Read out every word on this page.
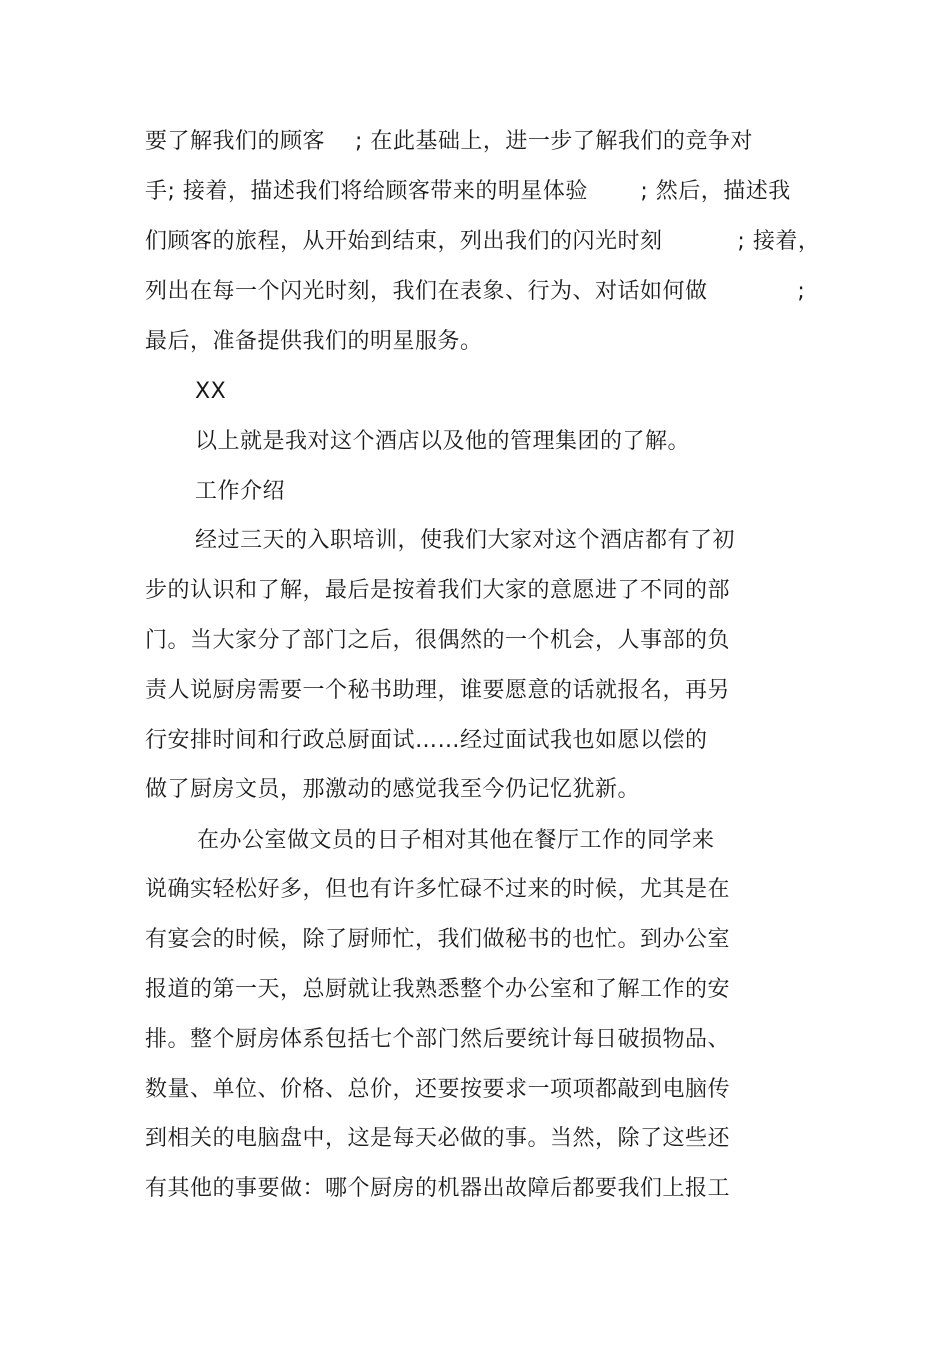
要了解我们的顾客    ; 在此基础上，进一步了解我们的竞争对

手; 接着，描述我们将给顾客带来的明星体验       ; 然后，描述我

们顾客的旅程，从开始到结束，列出我们的闪光时刻          ; 接着，

列出在每一个闪光时刻，我们在表象、行为、对话如何做            ;

最后，准备提供我们的明星服务。

XX

以上就是我对这个酒店以及他的管理集团的了解。

工作介绍

经过三天的入职培训，使我们大家对这个酒店都有了初

步的认识和了解，最后是按着我们大家的意愿进了不同的部

门。当大家分了部门之后，很偶然的一个机会，人事部的负

责人说厨房需要一个秘书助理，谁要愿意的话就报名，再另

行安排时间和行政总厨面试……经过面试我也如愿以偿的

做了厨房文员，那激动的感觉我至今仍记忆犹新。

在办公室做文员的日子相对其他在餐厅工作的同学来

说确实轻松好多，但也有许多忙碌不过来的时候，尤其是在

有宴会的时候，除了厨师忙，我们做秘书的也忙。到办公室

报道的第一天，总厨就让我熟悉整个办公室和了解工作的安

排。整个厨房体系包括七个部门然后要统计每日破损物品、

数量、单位、价格、总价，还要按要求一项项都敲到电脑传

到相关的电脑盘中，这是每天必做的事。当然，除了这些还

有其他的事要做：哪个厨房的机器出故障后都要我们上报工
